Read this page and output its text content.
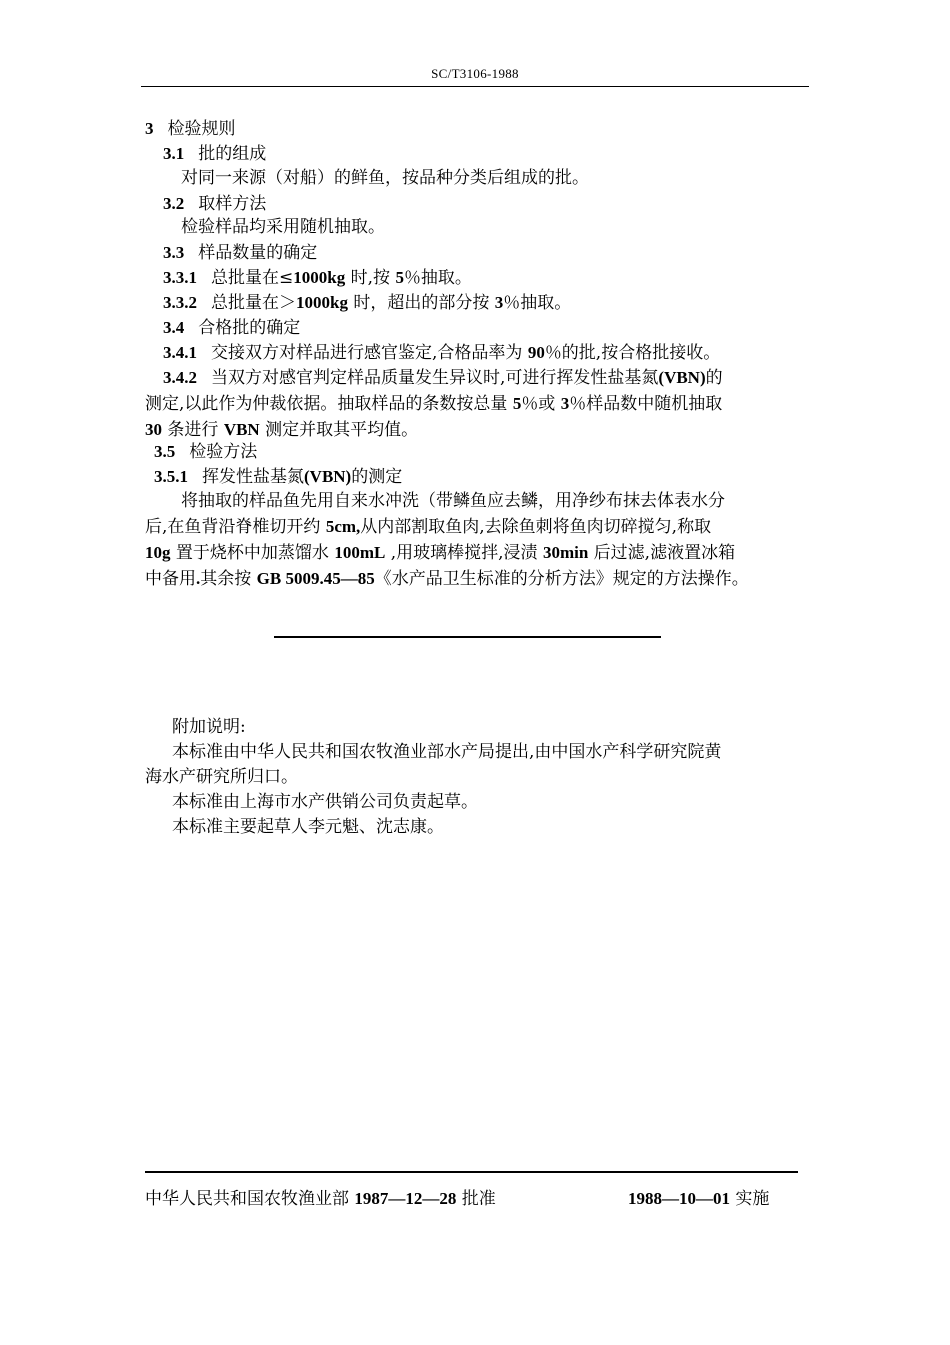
SC/T3106-1988
3 检验规则
3.1 批的组成
对同一来源（对船）的鲜鱼，按品种分类后组成的批。
3.2 取样方法
检验样品均采用随机抽取。
3.3 样品数量的确定
3.3.1 总批量在≤1000kg 时,按 5％抽取。
3.3.2 总批量在＞1000kg 时，超出的部分按 3％抽取。
3.4 合格批的确定
3.4.1 交接双方对样品进行感官鉴定,合格品率为 90％的批,按合格批接收。
3.4.2 当双方对感官判定样品质量发生异议时,可进行挥发性盐基氮(VBN)的
测定,以此作为仲裁依据。抽取样品的条数按总量 5％或 3％样品数中随机抽取
30 条进行 VBN 测定并取其平均值。
3.5 检验方法
3.5.1 挥发性盐基氮(VBN)的测定
将抽取的样品鱼先用自来水冲洗（带鳞鱼应去鳞，用净纱布抹去体表水分
后,在鱼背沿脊椎切开约 5cm,从内部割取鱼肉,去除鱼刺将鱼肉切碎搅匀,称取
10g 置于烧杯中加蒸馏水 100mL ,用玻璃棒搅拌,浸渍 30min 后过滤,滤液置冰箱
中备用.其余按 GB 5009.45—85《水产品卫生标准的分析方法》规定的方法操作。
附加说明:
本标准由中华人民共和国农牧渔业部水产局提出,由中国水产科学研究院黄
海水产研究所归口。
本标准由上海市水产供销公司负责起草。
本标准主要起草人李元魁、沈志康。
中华人民共和国农牧渔业部 1987—12—28 批准	1988—10—01 实施
